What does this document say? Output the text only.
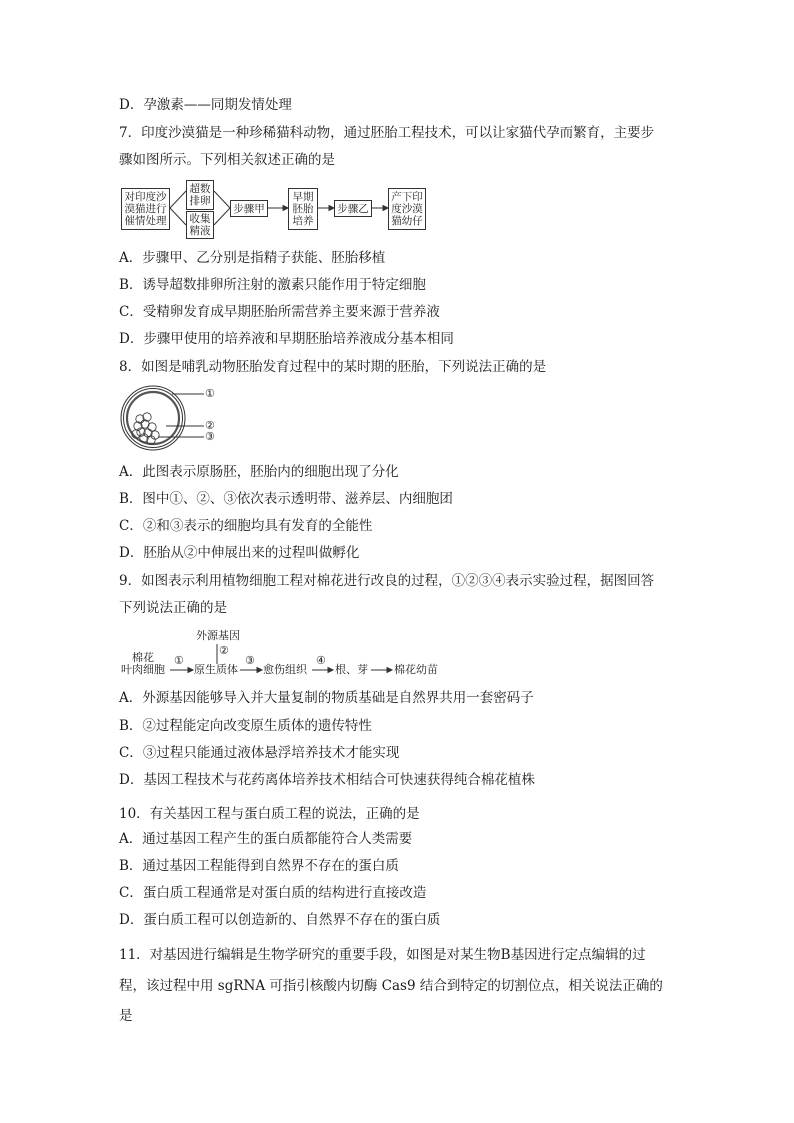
D．孕激素——同期发情处理
7．印度沙漠猫是一种珍稀猫科动物，通过胚胎工程技术，可以让家猫代孕而繁育，主要步
骤如图所示。下列相关叙述正确的是
对印度沙漠猫进行催情处理
超数排卵
收集精液
步骤甲
早期胚胎培养
步骤乙
产下印度沙漠猫幼仔
A．步骤甲、乙分别是指精子获能、胚胎移植
B．诱导超数排卵所注射的激素只能作用于特定细胞
C．受精卵发育成早期胚胎所需营养主要来源于营养液
D．步骤甲使用的培养液和早期胚胎培养液成分基本相同
8．如图是哺乳动物胚胎发育过程中的某时期的胚胎，下列说法正确的是
①
②
③
A．此图表示原肠胚，胚胎内的细胞出现了分化
B．图中①、②、③依次表示透明带、滋养层、内细胞团
C．②和③表示的细胞均具有发育的全能性
D．胚胎从②中伸展出来的过程叫做孵化
9．如图表示利用植物细胞工程对棉花进行改良的过程，①②③④表示实验过程，据图回答
下列说法正确的是
外源基因
②
棉花
叶肉细胞
①
原生质体
③
愈伤组织
④
根、芽 棉花幼苗
A．外源基因能够导入并大量复制的物质基础是自然界共用一套密码子
B．②过程能定向改变原生质体的遗传特性
C．③过程只能通过液体悬浮培养技术才能实现
D．基因工程技术与花药离体培养技术相结合可快速获得纯合棉花植株
10．有关基因工程与蛋白质工程的说法，正确的是
A．通过基因工程产生的蛋白质都能符合人类需要
B．通过基因工程能得到自然界不存在的蛋白质
C．蛋白质工程通常是对蛋白质的结构进行直接改造
D．蛋白质工程可以创造新的、自然界不存在的蛋白质
11．对基因进行编辑是生物学研究的重要手段，如图是对某生物B基因进行定点编辑的过
程，该过程中用 sgRNA 可指引核酸内切酶 Cas9 结合到特定的切割位点，相关说法正确的
是
